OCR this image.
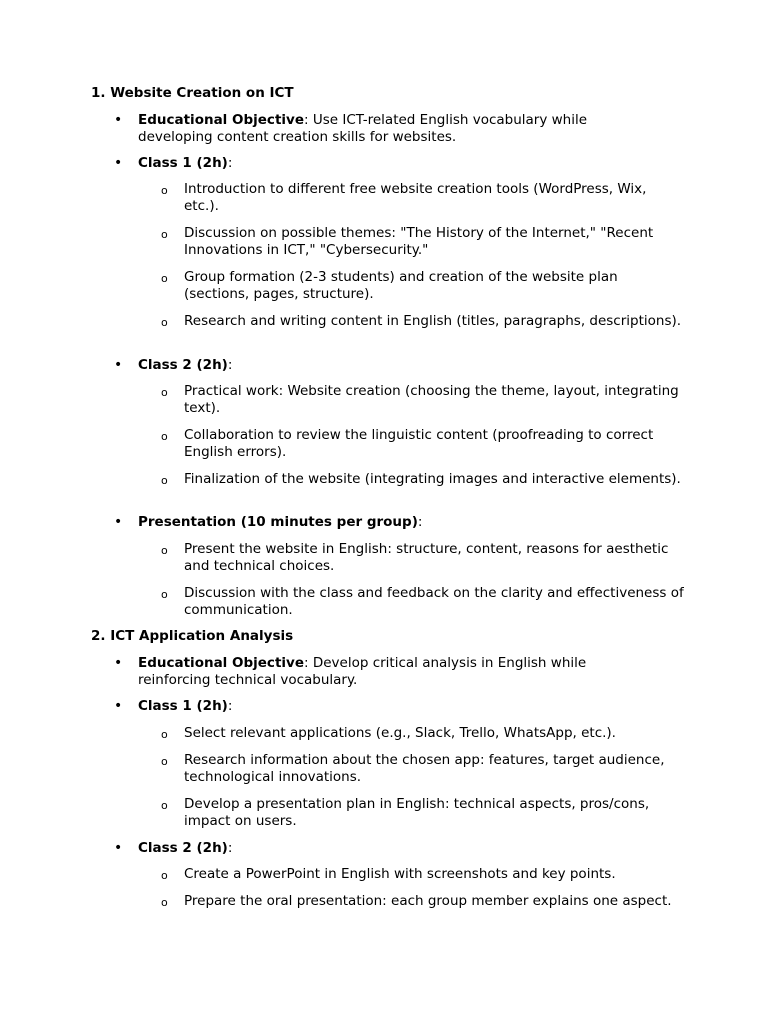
1. Website Creation on ICT
• Educational Objective: Use ICT-related English vocabulary while developing content creation skills for websites.
• Class 1 (2h):
o Introduction to different free website creation tools (WordPress, Wix, etc.).
o Discussion on possible themes: "The History of the Internet," "Recent Innovations in ICT," "Cybersecurity."
o Group formation (2-3 students) and creation of the website plan (sections, pages, structure).
o Research and writing content in English (titles, paragraphs, descriptions).
• Class 2 (2h):
o Practical work: Website creation (choosing the theme, layout, integrating text).
o Collaboration to review the linguistic content (proofreading to correct English errors).
o Finalization of the website (integrating images and interactive elements).
• Presentation (10 minutes per group):
o Present the website in English: structure, content, reasons for aesthetic and technical choices.
o Discussion with the class and feedback on the clarity and effectiveness of communication.
2. ICT Application Analysis
• Educational Objective: Develop critical analysis in English while reinforcing technical vocabulary.
• Class 1 (2h):
o Select relevant applications (e.g., Slack, Trello, WhatsApp, etc.).
o Research information about the chosen app: features, target audience, technological innovations.
o Develop a presentation plan in English: technical aspects, pros/cons, impact on users.
• Class 2 (2h):
o Create a PowerPoint in English with screenshots and key points.
o Prepare the oral presentation: each group member explains one aspect.
